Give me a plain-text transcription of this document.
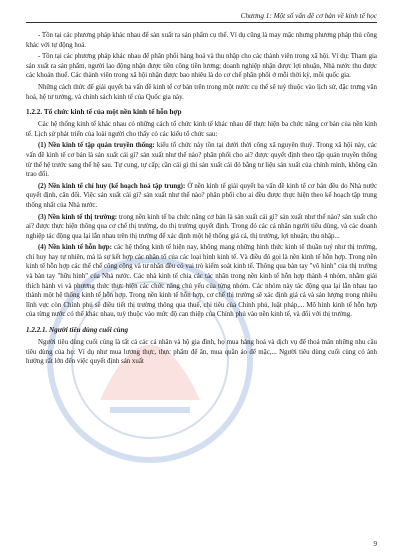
Chương 1: Một số vấn đề cơ bản về kinh tế học

- Tồn tại các phương pháp khác nhau để sản xuất ra sản phẩm cụ thể. Ví dụ cũng là may mặc nhưng phương pháp thủ công khác với tự động hoá.

- Tồn tại các phương pháp khác nhau để phân phối hàng hoá và thu nhập cho các thành viên trong xã hội. Ví dụ: Tham gia sản xuất ra sản phẩm, người lao động nhận được tiền công tiền lương; doanh nghiệp nhận được lợi nhuận, Nhà nước thu được các khoản thuế. Các thành viên trong xã hội nhận được bao nhiêu là do cơ chế phân phối ở mỗi thời kỳ, mỗi quốc gia.

Những cách thức để giải quyết ba vấn đề kinh tế cơ bản trên trong một nước cụ thể sẽ tuỳ thuộc vào lịch sử, đặc trưng văn hoá, hệ tư tưởng, và chính sách kinh tế của Quốc gia này.

1.2.2. Tổ chức kinh tế của một nền kinh tế hỗn hợp

Các hệ thống kinh tế khác nhau có những cách tổ chức kinh tế khác nhau để thực hiện ba chức năng cơ bản của nền kinh tế. Lịch sử phát triển của loài người cho thấy có các kiểu tổ chức sau:

(1) Nền kinh tế tập quán truyền thống: kiểu tổ chức này tồn tại dưới thời công xã nguyên thuỷ. Trong xã hội này, các vấn đề kinh tế cơ bản là sản xuất cái gì? sản xuất như thế nào? phân phối cho ai? được quyết định theo tập quán truyền thống từ thế hệ trước sang thế hệ sau. Tự cung, tự cấp; cần cái gì thì sản xuất cái đó bằng tư liệu sản xuất của chính mình, không cần trao đổi.

(2) Nền kinh tế chỉ huy (kế hoạch hoá tập trung): Ở nền kinh tế giải quyết ba vấn đề kinh tế cơ bản đều do Nhà nước quyết định, cân đối. Việc sản xuất cái gì? sản xuất như thế nào? phân phối cho ai đều được thực hiện theo kế hoạch tập trung thống nhất của Nhà nước.

(3) Nền kinh tế thị trường: trong nền kinh tế ba chức năng cơ bản là sản xuất cái gì? sản xuất như thế nào? sản xuất cho ai? được thực hiện thông qua cơ chế thị trường, do thị trường quyết định. Trong đó các cá nhân người tiêu dùng, và các doanh nghiệp tác động qua lại lẫn nhau trên thị trường để xác định một hệ thống giá cả, thị trường, lợi nhuận, thu nhập...

(4) Nền kinh tế hỗn hợp: các hệ thống kinh tế hiện nay, không mang những hình thức kinh tế thuần tuý như thị trường, chỉ huy hay tự nhiên, mà là sự kết hợp các nhân tố của các loại hình kinh tế. Và điều đó gọi là nền kinh tế hỗn hợp. Trong nền kinh tế hỗn hợp các thể chế công cộng và tư nhân đều có vai trò kiểm soát kinh tế. Thông qua bàn tay "vô hình" của thị trường và bàn tay "hữu hình" của Nhà nước. Các nhà kinh tế chia các tác nhân trong nền kinh tế hỗn hợp thành 4 nhóm, nhằm giải thích hành vi và phương thức thực hiện các chức năng chủ yếu của từng nhóm. Các nhóm này tác động qua lại lẫn nhau tạo thành một hệ thống kinh tế hỗn hợp. Trong nền kinh tế hỗn hợp, cơ chế thị trường sẽ xác định giá cả và sản lượng trong nhiều lĩnh vực còn Chính phủ sẽ điều tiết thị trường thông qua thuế, chi tiêu của Chính phủ, luật pháp,... Mô hình kinh tế hỗn hợp của từng nước có thể khác nhau, tuỳ thuộc vào mức độ can thiệp của Chính phủ vào nền kinh tế, và đối với thị trường.

1.2.2.1. Người tiêu dùng cuối cùng

Người tiêu dùng cuối cùng là tất cả các cá nhân và hộ gia đình, họ mua hàng hoá và dịch vụ để thoả mãn những nhu cầu tiêu dùng của họ: Ví dụ như mua lương thực, thực phẩm để ăn, mua quần áo để mặc,... Người tiêu dùng cuối cùng có ảnh hưởng rất lớn đến việc quyết định sản xuất

9
